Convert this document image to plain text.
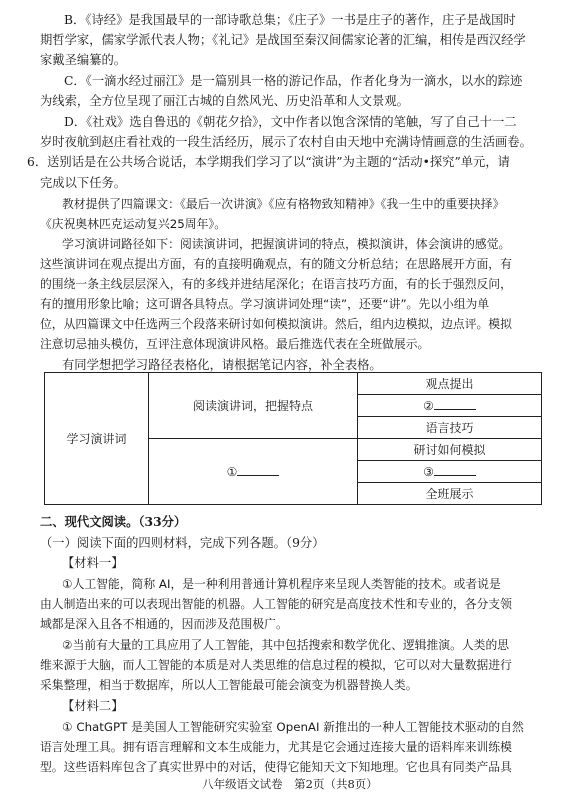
B．《诗经》是我国最早的一部诗歌总集；《庄子》一书是庄子的著作，庄子是战国时
期哲学家，儒家学派代表人物；《礼记》是战国至秦汉间儒家论著的汇编，相传是西汉经学
家戴圣编纂的。
C．《一滴水经过丽江》是一篇别具一格的游记作品，作者化身为一滴水，以水的踪迹
为线索，全方位呈现了丽江古城的自然风光、历史沿革和人文景观。
D．《社戏》选自鲁迅的《朝花夕拾》，文中作者以饱含深情的笔触，写了自己十一二
岁时夜航到赵庄看社戏的一段生活经历，展示了农村自由天地中充满诗情画意的生活画卷。
6．送别话是在公共场合说话，本学期我们学习了以“演讲”为主题的“活动•探究”单元，请
完成以下任务。
教材提供了四篇课文：《最后一次讲演》《应有格物致知精神》《我一生中的重要抉择》
《庆祝奥林匹克运动复兴25周年》。
学习演讲词路径如下：阅读演讲词，把握演讲词的特点，模拟演讲，体会演讲的感觉。
这些演讲词在观点提出方面，有的直接明确观点，有的随文分析总结；在思路展开方面，有
的围绕一条主线层层深入，有的多线并进结尾深化；在语言技巧方面，有的长于强烈反问，
有的擅用形象比喻；这可谓各具特点。学习演讲词处理“读”，还要“讲”。先以小组为单
位，从四篇课文中任选两三个段落来研讨如何模拟演讲。然后，组内边模拟，边点评。模拟
注意切忌抽头模仿，互评注意体现演讲风格。最后推选代表在全班做展示。
二、现代文阅读。（33分）
（一）阅读下面的四则材料，完成下列各题。（9分）
【材料一】
①人工智能，简称 AI，是一种利用普通计算机程序来呈现人类智能的技术。或者说是
由人制造出来的可以表现出智能的机器。人工智能的研究是高度技术性和专业的，各分支领
域都是深入且各不相通的，因而涉及范围极广。
②当前有大量的工具应用了人工智能，其中包括搜索和数学优化、逻辑推演。人类的思
维来源于大脑，而人工智能的本质是对人类思维的信息过程的模拟，它可以对大量数据进行
采集整理，相当于数据库，所以人工智能最可能会演变为机器替换人类。
【材料二】
① ChatGPT 是美国人工智能研究实验室 OpenAI 新推出的一种人工智能技术驱动的自然
语言处理工具。拥有语言理解和文本生成能力，尤其是它会通过连接大量的语料库来训练模
型。这些语料库包含了真实世界中的对话，使得它能知天文下知地理。它也具有同类产品具
有同学想把学习路径表格化，请根据笔记内容，补全表格。
学习演讲词	阅读演讲词，把握特点	观点提出
		②
		语言技巧
	①	研讨如何模拟
		③
		全班展示
八年级语文试卷　第2页（共8页）
